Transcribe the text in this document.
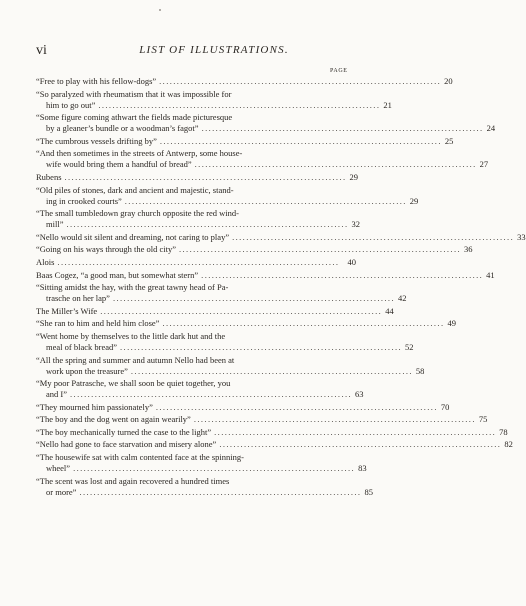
vi	LIST OF ILLUSTRATIONS.
PAGE
“Free to play with his fellow-dogs” ................................................................................ 20
“So paralyzed with rheumatism that it was impossible for
him to go out” ................................................................................ 21
“Some figure coming athwart the fields made picturesque
by a gleaner’s bundle or a woodman’s fagot” ................................................................................ 24
“The cumbrous vessels drifting by” ................................................................................ 25
“And then sometimes in the streets of Antwerp, some house-
wife would bring them a handful of bread” ................................................................................ 27
Rubens ................................................................................ 29
“Old piles of stones, dark and ancient and majestic, stand-
ing in crooked courts” ................................................................................ 29
“The small tumbledown gray church opposite the red wind-
mill” ................................................................................ 32
“Nello would sit silent and dreaming, not caring to play” ................................................................................ 33
“Going on his ways through the old city” ................................................................................ 36
Alois ................................................................................ 40
Baas Cogez, “a good man, but somewhat stern” ................................................................................ 41
“Sitting amidst the hay, with the great tawny head of Pa-
trasche on her lap” ................................................................................ 42
The Miller’s Wife ................................................................................ 44
“She ran to him and held him close” ................................................................................ 49
“Went home by themselves to the little dark hut and the
meal of black bread” ................................................................................ 52
“All the spring and summer and autumn Nello had been at
work upon the treasure” ................................................................................ 58
“My poor Patrasche, we shall soon be quiet together, you
and I” ................................................................................ 63
“They mourned him passionately” ................................................................................ 70
“The boy and the dog went on again wearily” ................................................................................ 75
“The boy mechanically turned the case to the light” ................................................................................ 78
“Nello had gone to face starvation and misery alone” ................................................................................ 82
“The housewife sat with calm contented face at the spinning-
wheel” ................................................................................ 83
“The scent was lost and again recovered a hundred times
or more” ................................................................................ 85
